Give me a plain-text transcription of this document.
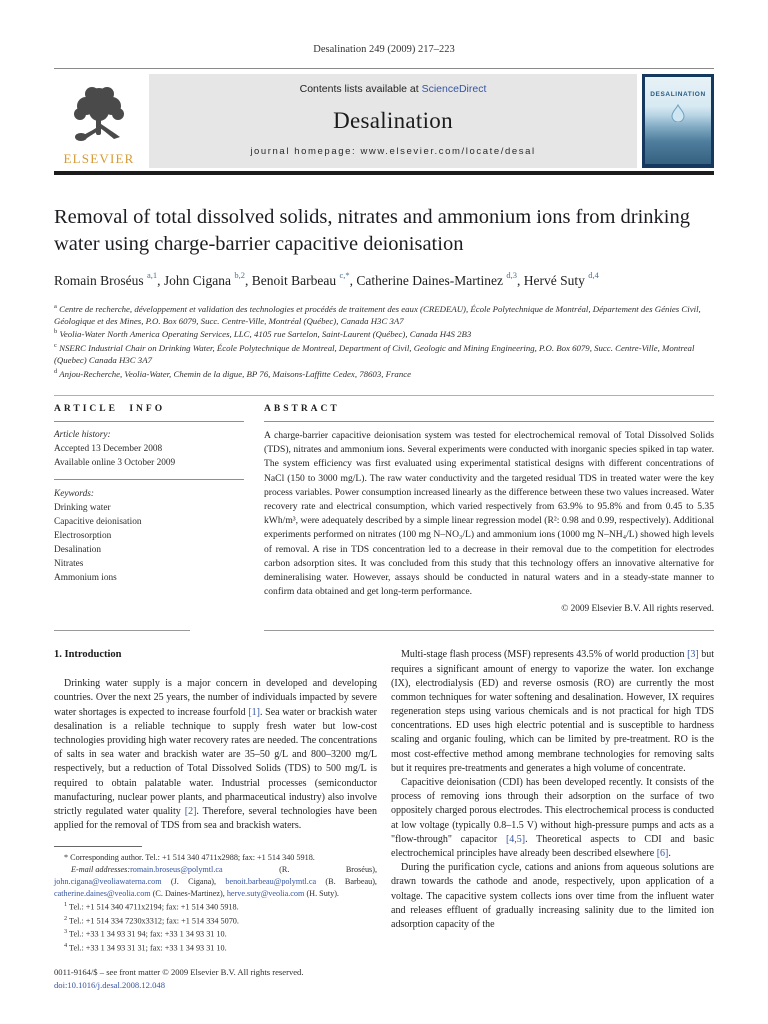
Desalination 249 (2009) 217–223
ELSEVIER
Contents lists available at ScienceDirect
Desalination
journal homepage: www.elsevier.com/locate/desal
DESALINATION
Removal of total dissolved solids, nitrates and ammonium ions from drinking water using charge-barrier capacitive deionisation
Romain Broséus $^{a,1}$, John Cigana $^{b,2}$, Benoit Barbeau $^{c,*}$, Catherine Daines-Martinez $^{d,3}$, Hervé Suty $^{d,4}$

$^a$ Centre de recherche, développement et validation des technologies et procédés de traitement des eaux (CREDEAU), École Polytechnique de Montréal, Département des Génies Civil, Géologique et des Mines, P.O. Box 6079, Succ. Centre-Ville, Montréal (Québec), Canada H3C 3A7

$^b$ Veolia-Water North America Operating Services, LLC, 4105 rue Sartelon, Saint-Laurent (Québec), Canada H4S 2B3

$^c$ NSERC Industrial Chair on Drinking Water, École Polytechnique de Montreal, Department of Civil, Geologic and Mining Engineering, P.O. Box 6079, Succ. Centre-Ville, Montreal (Quebec) Canada H3C 3A7

$^d$ Anjou-Recherche, Veolia-Water, Chemin de la digue, BP 76, Maisons-Laffitte Cedex, 78603, France

ARTICLE INFO
Article history:
Accepted 13 December 2008
Available online 3 October 2009
Keywords:
Drinking water
Capacitive deionisation
Electrosorption
Desalination
Nitrates
Ammonium ions
ABSTRACT
A charge-barrier capacitive deionisation system was tested for electrochemical removal of Total Dissolved Solids (TDS), nitrates and ammonium ions. Several experiments were conducted with inorganic species spiked in tap water. The system efficiency was first evaluated using experimental statistical designs with different concentrations of NaCl (150 to 3000 mg/L). The raw water conductivity and the targeted residual TDS in treated water were the key process variables. Power consumption increased linearly as the difference between these two values increased. Water recovery rate and electrical consumption, which varied respectively from 63.9% to 95.8% and from 0.45 to 5.35 kWh/m³, were adequately described by a simple linear regression model (R²: 0.98 and 0.99, respectively). Additional experiments performed on nitrates (100 mg N–NO₃/L) and ammonium ions (1000 mg N–NH₄/L) showed high levels of removal. A rise in TDS concentration led to a decrease in their removal due to the competition for electrodes carbon adsorption sites. It was concluded from this study that this technology offers an innovative alternative for demineralising water. However, assays should be conducted in natural waters and in a steady-state manner to confirm data obtained and get long-term performance.
© 2009 Elsevier B.V. All rights reserved.
1. Introduction

Drinking water supply is a major concern in developed and developing countries. Over the next 25 years, the number of individuals impacted by severe water shortages is expected to increase fourfold [1]. Sea water or brackish water desalination is a reliable technique to supply fresh water but low-cost technologies providing high water recovery rates are needed. The concentrations of salts in sea water and brackish water are 35–50 g/L and 800–3200 mg/L respectively, but a reduction of Total Dissolved Solids (TDS) to 500 mg/L is required to obtain palatable water. Industrial processes (semiconductor manufacturing, nuclear power plants, and pharmaceutical industry) also involve strictly regulated water quality [2]. Therefore, several technologies have been applied for the removal of TDS from sea and brackish waters.

* Corresponding author. Tel.: +1 514 340 4711x2988; fax: +1 514 340 5918.

E-mail addresses:romain.broseus@polymtl.ca (R. Broséus), john.cigana@veoliawaterna.com (J. Cigana), benoit.barbeau@polymtl.ca (B. Barbeau), catherine.daines@veolia.com (C. Daines-Martinez), herve.suty@veolia.com (H. Suty).

$^1$ Tel.: +1 514 340 4711x2194; fax: +1 514 340 5918.

$^2$ Tel.: +1 514 334 7230x3312; fax: +1 514 334 5070.

$^3$ Tel.: +33 1 34 93 31 94; fax: +33 1 34 93 31 10.

$^4$ Tel.: +33 1 34 93 31 31; fax: +33 1 34 93 31 10.

0011-9164/$ – see front matter © 2009 Elsevier B.V. All rights reserved.
doi:10.1016/j.desal.2008.12.048

Multi-stage flash process (MSF) represents 43.5% of world production [3] but requires a significant amount of energy to vaporize the water. Ion exchange (IX), electrodialysis (ED) and reverse osmosis (RO) are currently the most common techniques for water softening and desalination. However, IX requires regeneration steps using various chemicals and is not practical for high TDS concentrations. ED uses high electric potential and is susceptible to hardness scaling and organic fouling, which can be limited by pre-treatment. RO is the most cost-effective method among membrane technologies for removing salts but it requires pre-treatments and generates a high volume of concentrate.

Capacitive deionisation (CDI) has been developed recently. It consists of the process of removing ions through their adsorption on the surface of two oppositely charged porous electrodes. This electrochemical process is conducted at low voltage (typically 0.8–1.5 V) without high-pressure pumps and acts as a "flow-through" capacitor [4,5]. Theoretical aspects to CDI and basic electrochemical principles have already been described elsewhere [6].

During the purification cycle, cations and anions from aqueous solutions are drawn towards the cathode and anode, respectively, upon application of a voltage. The capacitive system collects ions over time from the influent water and releases effluent of gradually increasing salinity due to the limited ion adsorption capacity of the
